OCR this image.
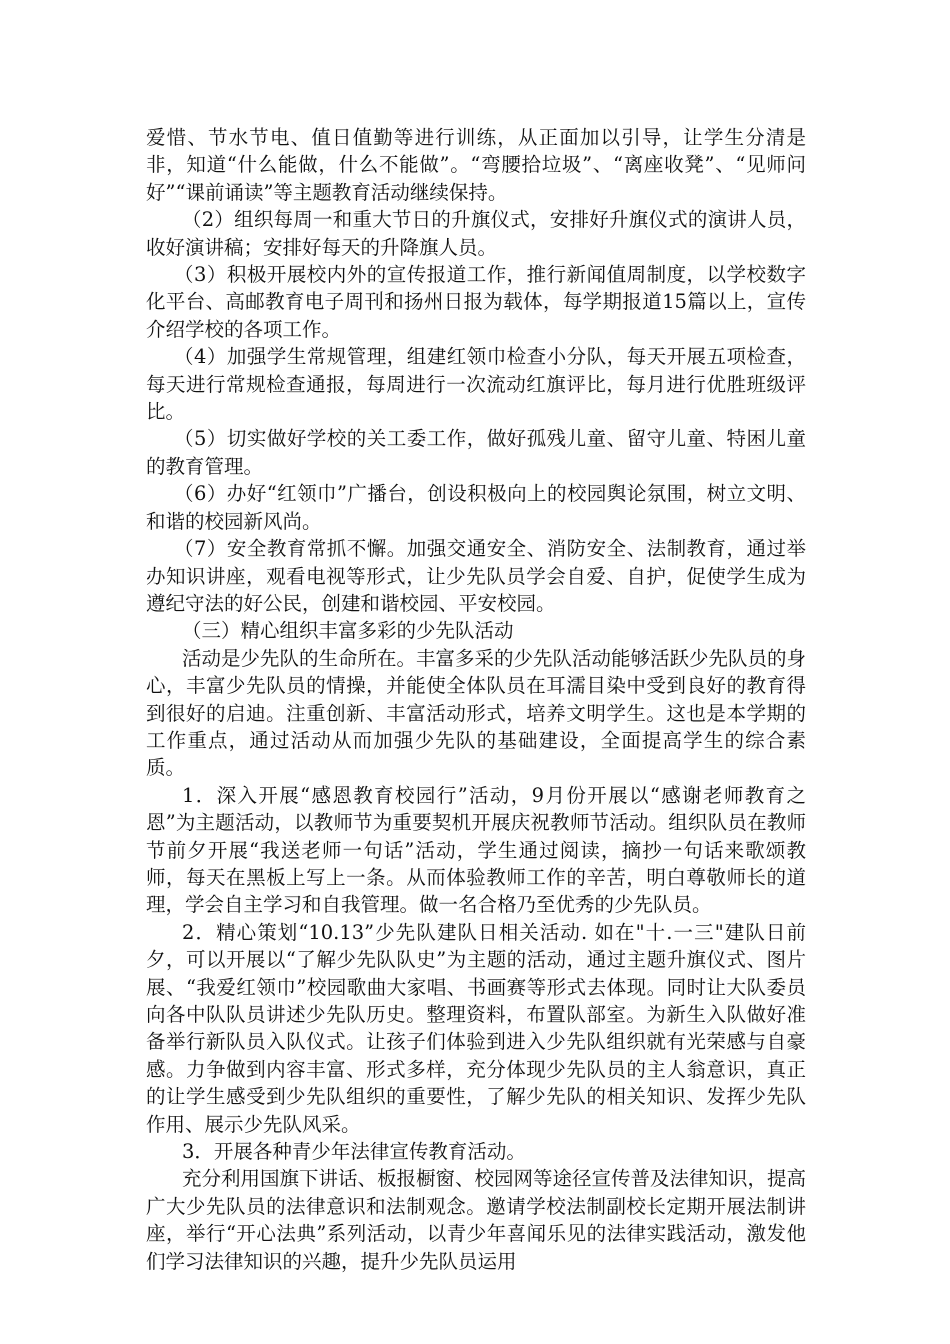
爱惜、节水节电、值日值勤等进行训练，从正面加以引导，让学生分清是非，知道“什么能做，什么不能做”。“弯腰拾垃圾”、“离座收凳”、“见师问好”“课前诵读”等主题教育活动继续保持。

（2）组织每周一和重大节日的升旗仪式，安排好升旗仪式的演讲人员，收好演讲稿；安排好每天的升降旗人员。

（3）积极开展校内外的宣传报道工作，推行新闻值周制度，以学校数字化平台、高邮教育电子周刊和扬州日报为载体，每学期报道15篇以上，宣传介绍学校的各项工作。

（4）加强学生常规管理，组建红领巾检查小分队，每天开展五项检查，每天进行常规检查通报，每周进行一次流动红旗评比，每月进行优胜班级评比。

（5）切实做好学校的关工委工作，做好孤残儿童、留守儿童、特困儿童的教育管理。

（6）办好“红领巾”广播台，创设积极向上的校园舆论氛围，树立文明、和谐的校园新风尚。

（7）安全教育常抓不懈。加强交通安全、消防安全、法制教育，通过举办知识讲座，观看电视等形式，让少先队员学会自爱、自护，促使学生成为遵纪守法的好公民，创建和谐校园、平安校园。

（三）精心组织丰富多彩的少先队活动

活动是少先队的生命所在。丰富多采的少先队活动能够活跃少先队员的身心，丰富少先队员的情操，并能使全体队员在耳濡目染中受到良好的教育得到很好的启迪。注重创新、丰富活动形式，培养文明学生。这也是本学期的工作重点，通过活动从而加强少先队的基础建设，全面提高学生的综合素质。

1．深入开展“感恩教育校园行”活动，9月份开展以“感谢老师教育之恩”为主题活动，以教师节为重要契机开展庆祝教师节活动。组织队员在教师节前夕开展“我送老师一句话”活动，学生通过阅读，摘抄一句话来歌颂教师，每天在黑板上写上一条。从而体验教师工作的辛苦，明白尊敬师长的道理，学会自主学习和自我管理。做一名合格乃至优秀的少先队员。

2．精心策划“10.13”少先队建队日相关活动. 如在"十.一三"建队日前夕，可以开展以“了解少先队队史”为主题的活动，通过主题升旗仪式、图片展、“我爱红领巾”校园歌曲大家唱、书画赛等形式去体现。同时让大队委员向各中队队员讲述少先队历史。整理资料，布置队部室。为新生入队做好准备举行新队员入队仪式。让孩子们体验到进入少先队组织就有光荣感与自豪感。力争做到内容丰富、形式多样，充分体现少先队员的主人翁意识，真正的让学生感受到少先队组织的重要性，了解少先队的相关知识、发挥少先队作用、展示少先队风采。

3．开展各种青少年法律宣传教育活动。

充分利用国旗下讲话、板报橱窗、校园网等途径宣传普及法律知识，提高广大少先队员的法律意识和法制观念。邀请学校法制副校长定期开展法制讲座，举行“开心法典”系列活动，以青少年喜闻乐见的法律实践活动，激发他们学习法律知识的兴趣，提升少先队员运用
